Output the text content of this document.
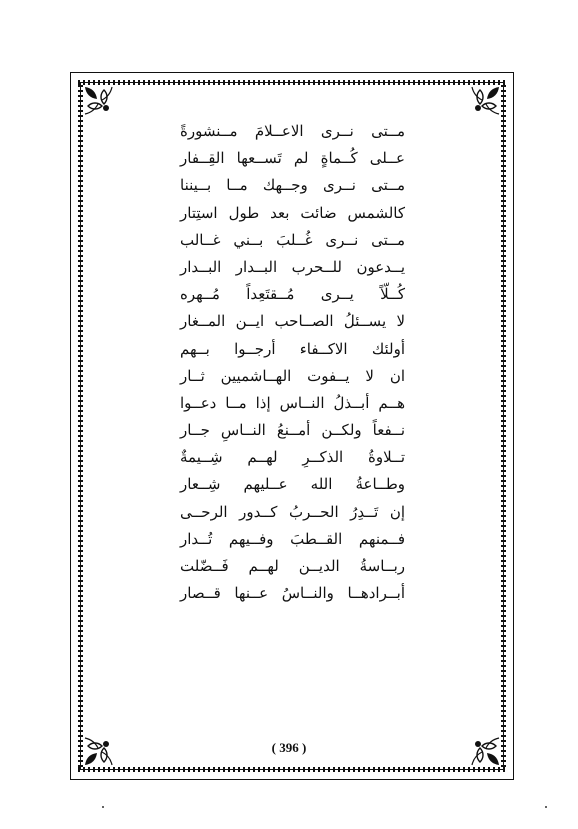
مــتى نــرى الاعــلامَ مــنشورةً
عــلى كُــماةٍ لم تَســعها القِــفار
مــتى نــرى وجــهك مــا بــيننا
كالشمس ضائت بعد طول استِتار
مــتى نــرى غُــلبَ بــني غــالب
يــدعون للــحرب البــدار البــدار
كُــلّاً يــرى مُــقتَعِداً مُــهره
لا يســئلُ الصــاحب ايــن المــغار
أولئك الاكــفاء أرجــوا بــهم
ان لا يــفوت الهــاشميين ثــار
هــم أبــذلُ النــاس إذا مــا دعــوا
نــفعاً ولكــن أمــنعُ النــاسِ جــار
تــلاوةُ الذكــرِ لهــم شِــيمةٌ
وطــاعةُ الله عــليهم شِــعار
إن تَــدِرُ الحــربُ كــدور الرحــى
فــمنهم القــطبَ وفــيهم تُــدار
ربــاسةُ الديــن لهــم فَــضّلت
أبــرادهــا والنــاسُ عــنها قــصار
( 396 )
